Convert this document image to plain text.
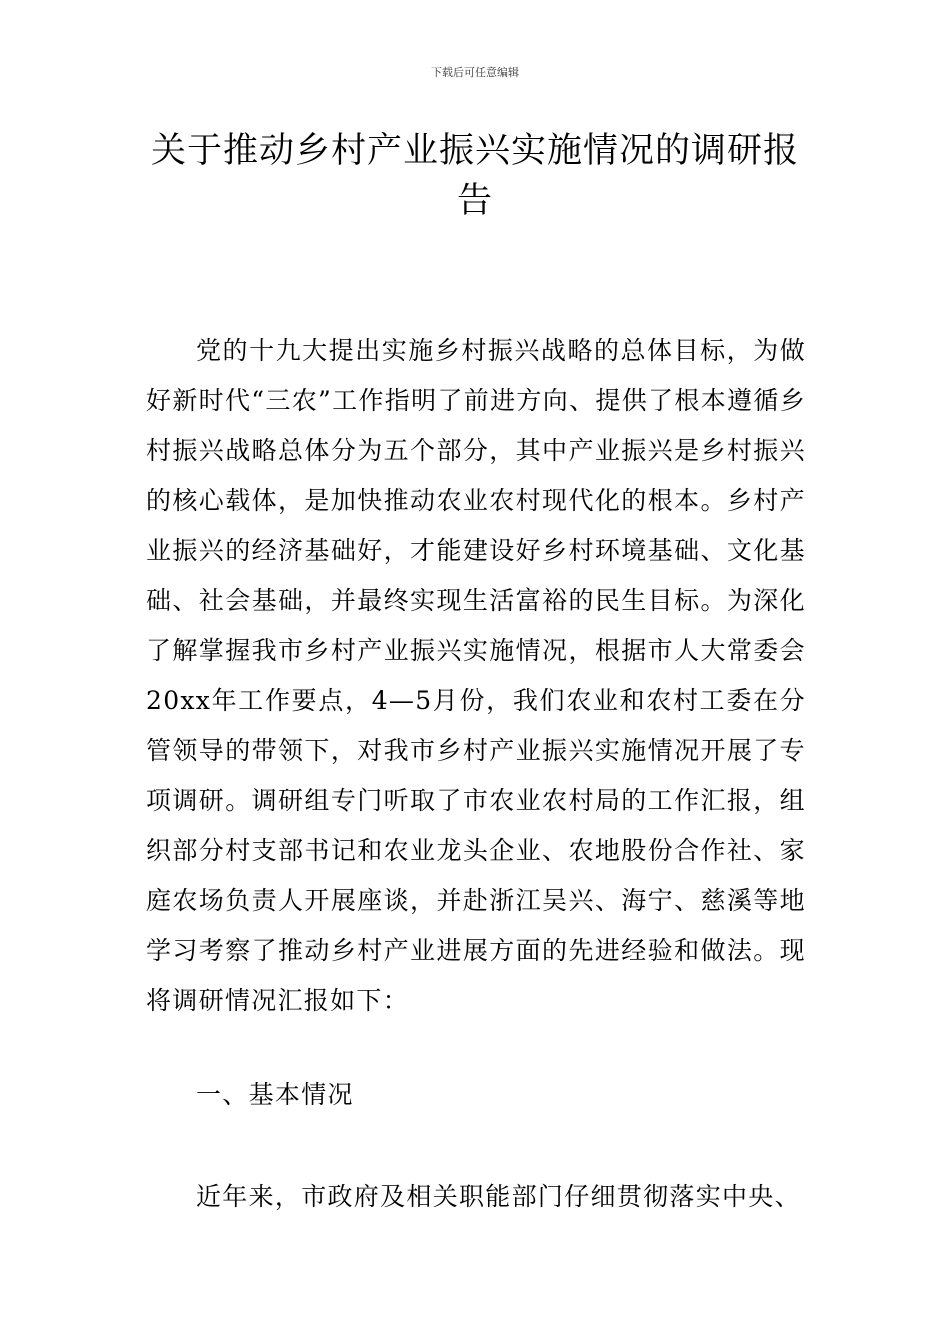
下载后可任意编辑
关于推动乡村产业振兴实施情况的调研报告

党的十九大提出实施乡村振兴战略的总体目标，为做好新时代“三农”工作指明了前进方向、提供了根本遵循乡村振兴战略总体分为五个部分，其中产业振兴是乡村振兴的核心载体，是加快推动农业农村现代化的根本。乡村产业振兴的经济基础好，才能建设好乡村环境基础、文化基础、社会基础，并最终实现生活富裕的民生目标。为深化了解掌握我市乡村产业振兴实施情况，根据市人大常委会20xx年工作要点，4—5月份，我们农业和农村工委在分管领导的带领下，对我市乡村产业振兴实施情况开展了专项调研。调研组专门听取了市农业农村局的工作汇报，组织部分村支部书记和农业龙头企业、农地股份合作社、家庭农场负责人开展座谈，并赴浙江吴兴、海宁、慈溪等地学习考察了推动乡村产业进展方面的先进经验和做法。现将调研情况汇报如下：

一、基本情况

近年来，市政府及相关职能部门仔细贯彻落实中央、
